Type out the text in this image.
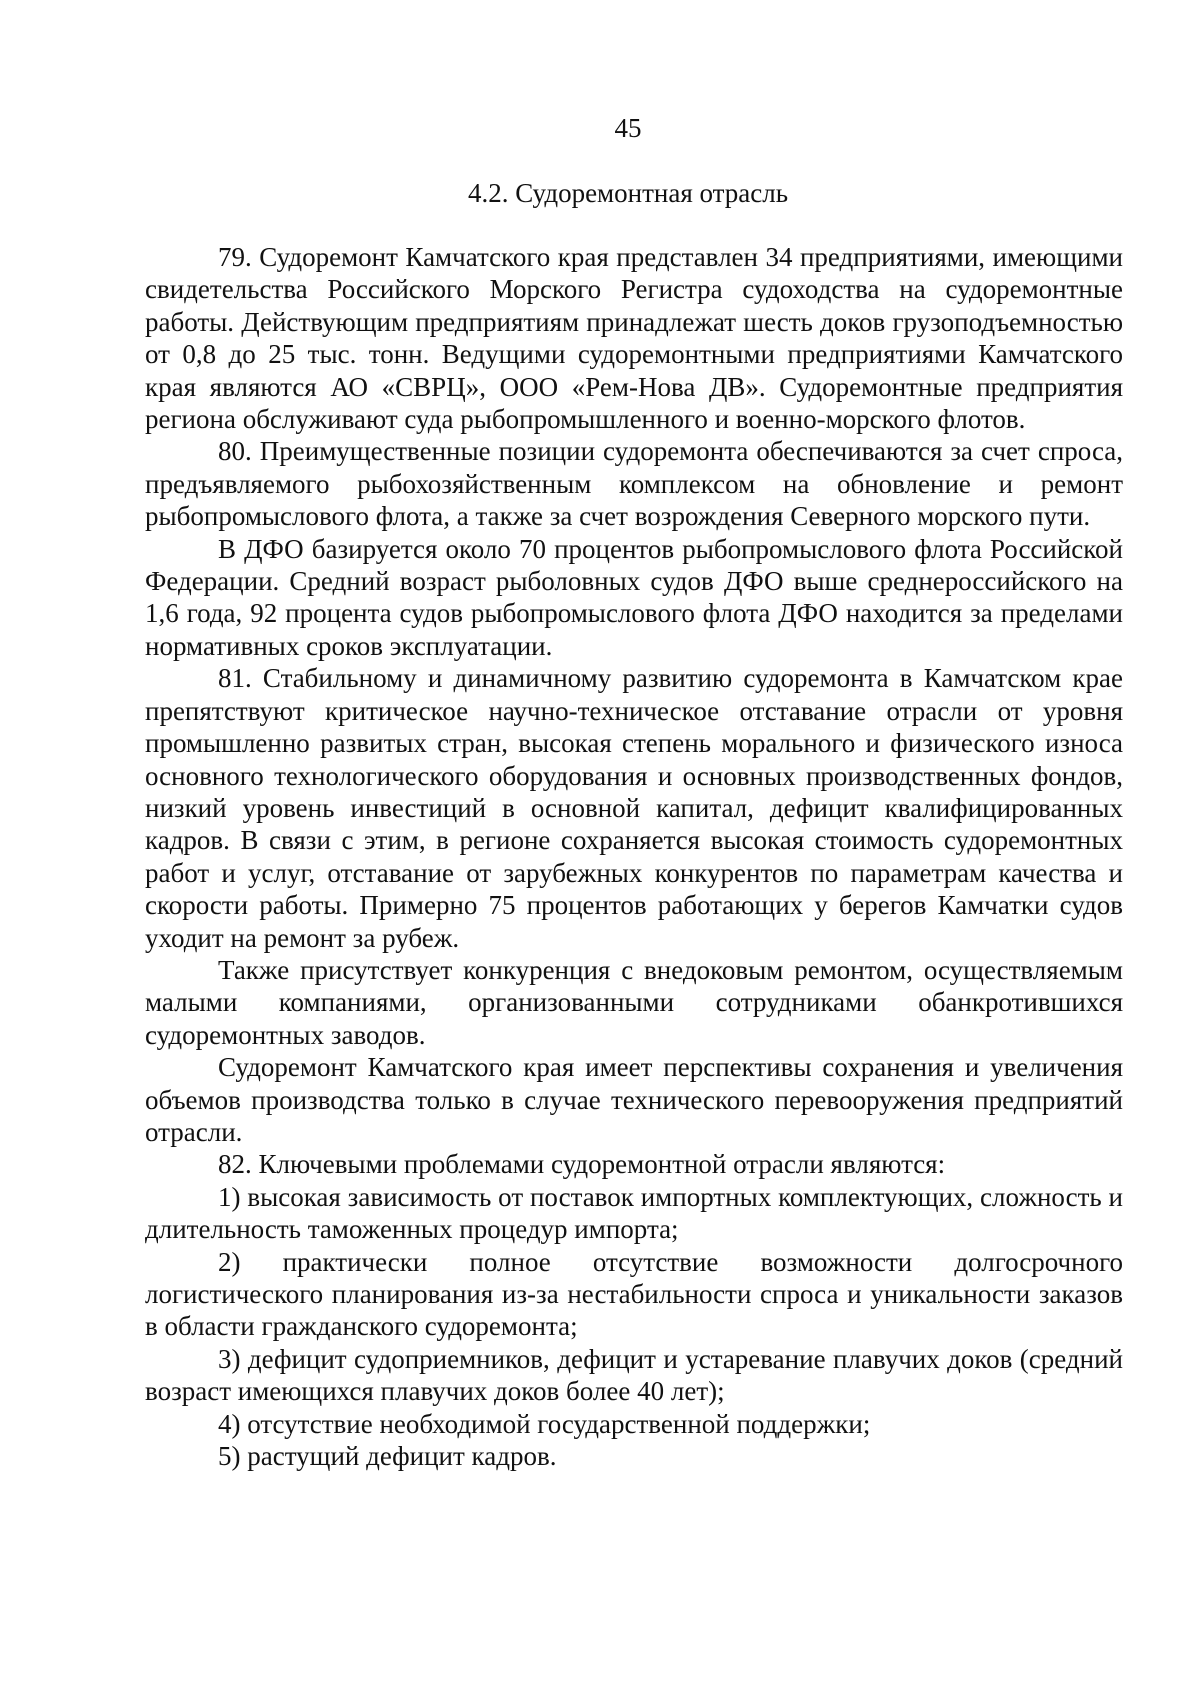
45
4.2. Судоремонтная отрасль

79. Судоремонт Камчатского края представлен 34 предприятиями, имеющими свидетельства Российского Морского Регистра судоходства на судоремонтные работы. Действующим предприятиям принадлежат шесть доков грузоподъемностью от 0,8 до 25 тыс. тонн. Ведущими судоремонтными предприятиями Камчатского края являются АО «СВРЦ», ООО «Рем-Нова ДВ». Судоремонтные предприятия региона обслуживают суда рыбопромышленного и военно-морского флотов.

80. Преимущественные позиции судоремонта обеспечиваются за счет спроса, предъявляемого рыбохозяйственным комплексом на обновление и ремонт рыбопромыслового флота, а также за счет возрождения Северного морского пути.

В ДФО базируется около 70 процентов рыбопромыслового флота Российской Федерации. Средний возраст рыболовных судов ДФО выше среднероссийского на 1,6 года, 92 процента судов рыбопромыслового флота ДФО находится за пределами нормативных сроков эксплуатации.

81. Стабильному и динамичному развитию судоремонта в Камчатском крае препятствуют критическое научно-техническое отставание отрасли от уровня промышленно развитых стран, высокая степень морального и физического износа основного технологического оборудования и основных производственных фондов, низкий уровень инвестиций в основной капитал, дефицит квалифицированных кадров. В связи с этим, в регионе сохраняется высокая стоимость судоремонтных работ и услуг, отставание от зарубежных конкурентов по параметрам качества и скорости работы. Примерно 75 процентов работающих у берегов Камчатки судов уходит на ремонт за рубеж.

Также присутствует конкуренция с внедоковым ремонтом, осуществляемым малыми компаниями, организованными сотрудниками обанкротившихся судоремонтных заводов.

Судоремонт Камчатского края имеет перспективы сохранения и увеличения объемов производства только в случае технического перевооружения предприятий отрасли.

82. Ключевыми проблемами судоремонтной отрасли являются:

1) высокая зависимость от поставок импортных комплектующих, сложность и длительность таможенных процедур импорта;

2) практически полное отсутствие возможности долгосрочного логистического планирования из-за нестабильности спроса и уникальности заказов в области гражданского судоремонта;

3) дефицит судоприемников, дефицит и устаревание плавучих доков (средний возраст имеющихся плавучих доков более 40 лет);

4) отсутствие необходимой государственной поддержки;

5) растущий дефицит кадров.
